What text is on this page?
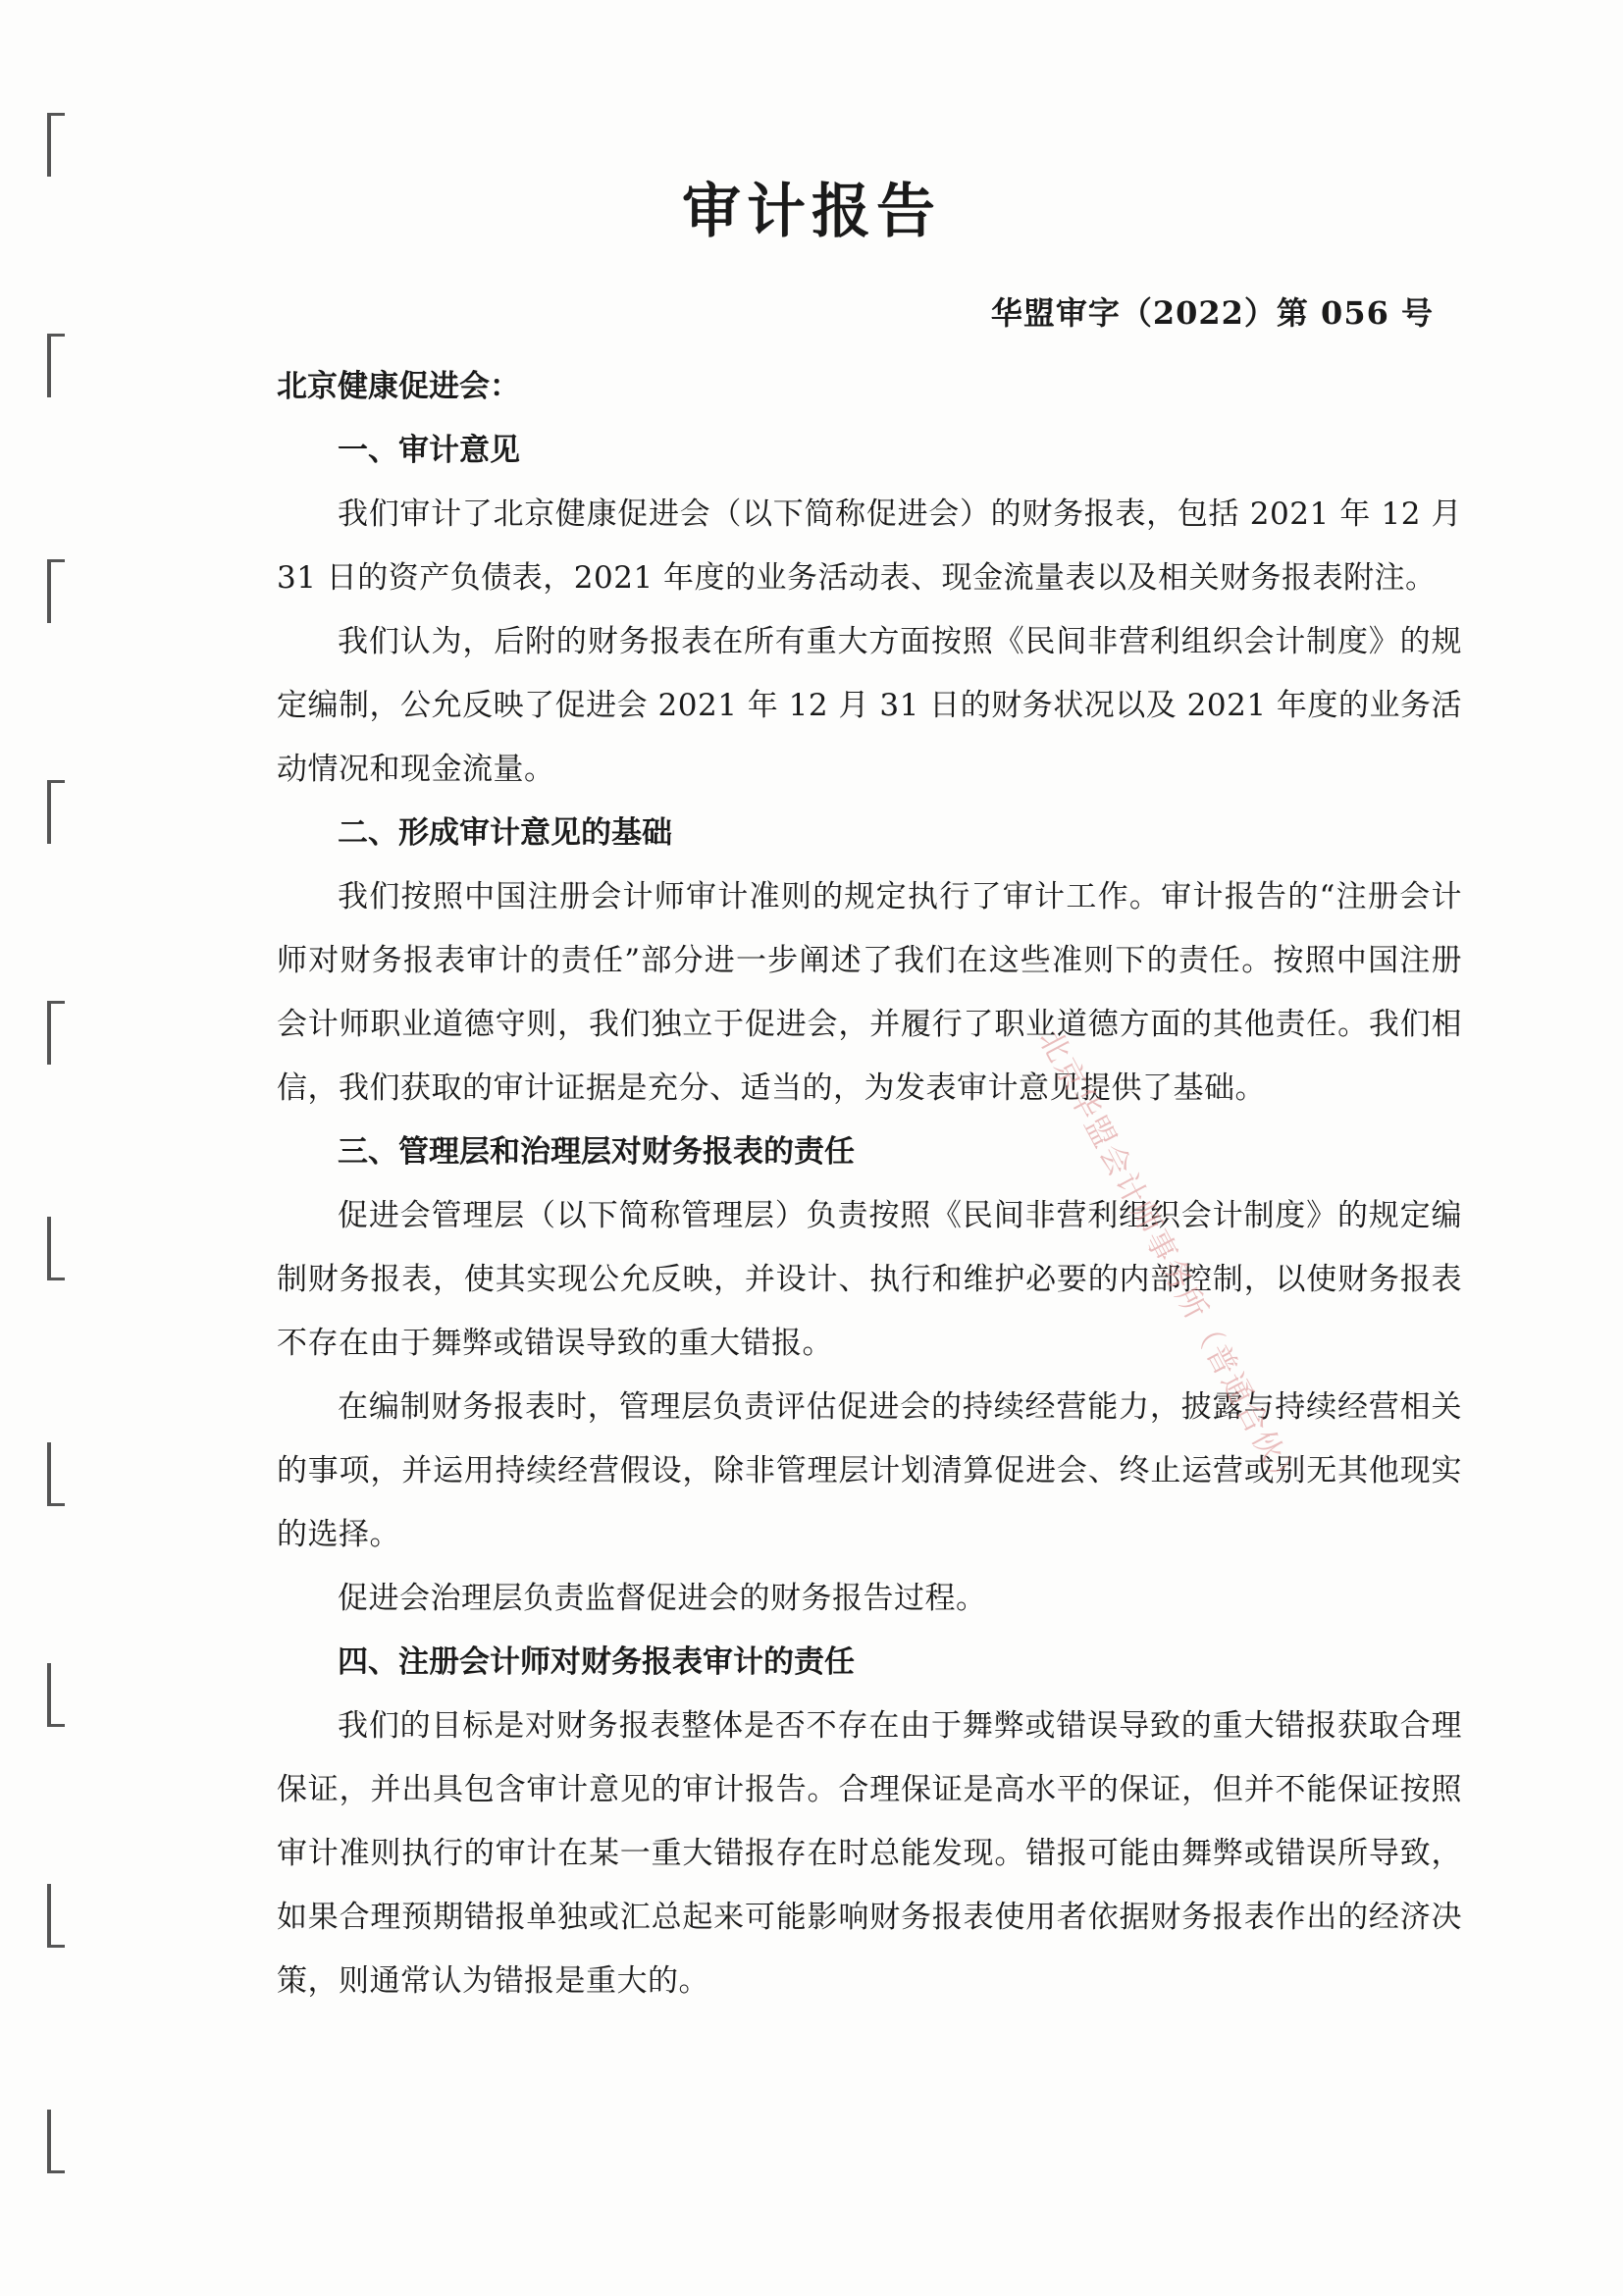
审计报告
华盟审字（2022）第 056 号

北京健康促进会：

一、审计意见

我们审计了北京健康促进会（以下简称促进会）的财务报表，包括 2021 年 12 月 31 日的资产负债表，2021 年度的业务活动表、现金流量表以及相关财务报表附注。

我们认为，后附的财务报表在所有重大方面按照《民间非营利组织会计制度》的规定编制，公允反映了促进会 2021 年 12 月 31 日的财务状况以及 2021 年度的业务活动情况和现金流量。

二、形成审计意见的基础

我们按照中国注册会计师审计准则的规定执行了审计工作。审计报告的“注册会计师对财务报表审计的责任”部分进一步阐述了我们在这些准则下的责任。按照中国注册会计师职业道德守则，我们独立于促进会，并履行了职业道德方面的其他责任。我们相信，我们获取的审计证据是充分、适当的，为发表审计意见提供了基础。

三、管理层和治理层对财务报表的责任

促进会管理层（以下简称管理层）负责按照《民间非营利组织会计制度》的规定编制财务报表，使其实现公允反映，并设计、执行和维护必要的内部控制，以使财务报表不存在由于舞弊或错误导致的重大错报。

在编制财务报表时，管理层负责评估促进会的持续经营能力，披露与持续经营相关的事项，并运用持续经营假设，除非管理层计划清算促进会、终止运营或别无其他现实的选择。

促进会治理层负责监督促进会的财务报告过程。

四、注册会计师对财务报表审计的责任

我们的目标是对财务报表整体是否不存在由于舞弊或错误导致的重大错报获取合理保证，并出具包含审计意见的审计报告。合理保证是高水平的保证，但并不能保证按照审计准则执行的审计在某一重大错报存在时总能发现。错报可能由舞弊或错误所导致，如果合理预期错报单独或汇总起来可能影响财务报表使用者依据财务报表作出的经济决策，则通常认为错报是重大的。

北京华盟会计师事务所（普通合伙）
